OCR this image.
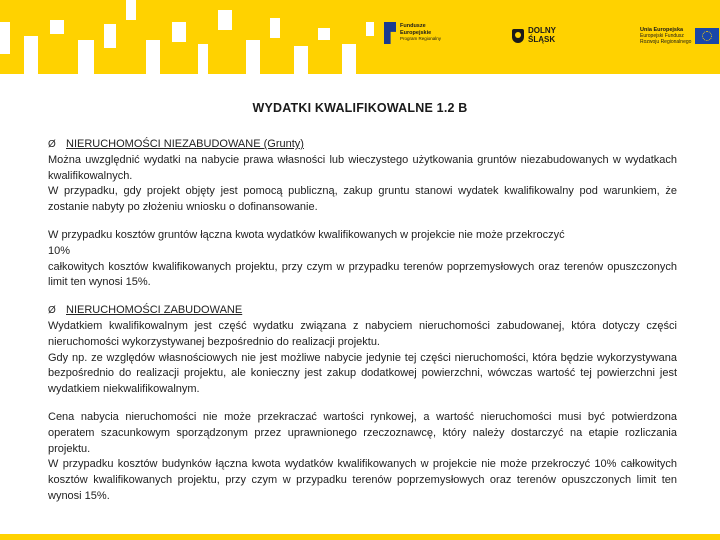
Fundusze
Europejskie
Program Regionalny
DOLNY
ŚLĄSK
Unia Europejska
Europejski Fundusz
Rozwoju Regionalnego
WYDATKI KWALIFIKOWALNE 1.2 B
Ø NIERUCHOMOŚCI NIEZABUDOWANE (Grunty)

Można uwzględnić wydatki na nabycie prawa własności lub wieczystego użytkowania gruntów niezabudowanych w wydatkach kwalifikowalnych.

W przypadku, gdy projekt objęty jest pomocą publiczną, zakup gruntu stanowi wydatek kwalifikowalny pod warunkiem, że zostanie nabyty po złożeniu wniosku o dofinansowanie.

W przypadku kosztów gruntów łączna kwota wydatków kwalifikowanych w projekcie nie może przekroczyć

10%

całkowitych kosztów kwalifikowanych projektu, przy czym w przypadku terenów poprzemysłowych oraz terenów opuszczonych limit ten wynosi 15%.

Ø NIERUCHOMOŚCI ZABUDOWANE

Wydatkiem kwalifikowalnym jest część wydatku związana z nabyciem nieruchomości zabudowanej, która dotyczy części nieruchomości wykorzystywanej bezpośrednio do realizacji projektu.

Gdy np. ze względów własnościowych nie jest możliwe nabycie jedynie tej części nieruchomości, która będzie wykorzystywana bezpośrednio do realizacji projektu, ale konieczny jest zakup dodatkowej powierzchni, wówczas wartość tej powierzchni jest wydatkiem niekwalifikowalnym.

Cena nabycia nieruchomości nie może przekraczać wartości rynkowej, a wartość nieruchomości musi być potwierdzona operatem szacunkowym sporządzonym przez uprawnionego rzeczoznawcę, który należy dostarczyć na etapie rozliczania projektu.

W przypadku kosztów budynków łączna kwota wydatków kwalifikowanych w projekcie nie może przekroczyć 10% całkowitych kosztów kwalifikowanych projektu, przy czym w przypadku terenów poprzemysłowych oraz terenów opuszczonych limit ten wynosi 15%.
